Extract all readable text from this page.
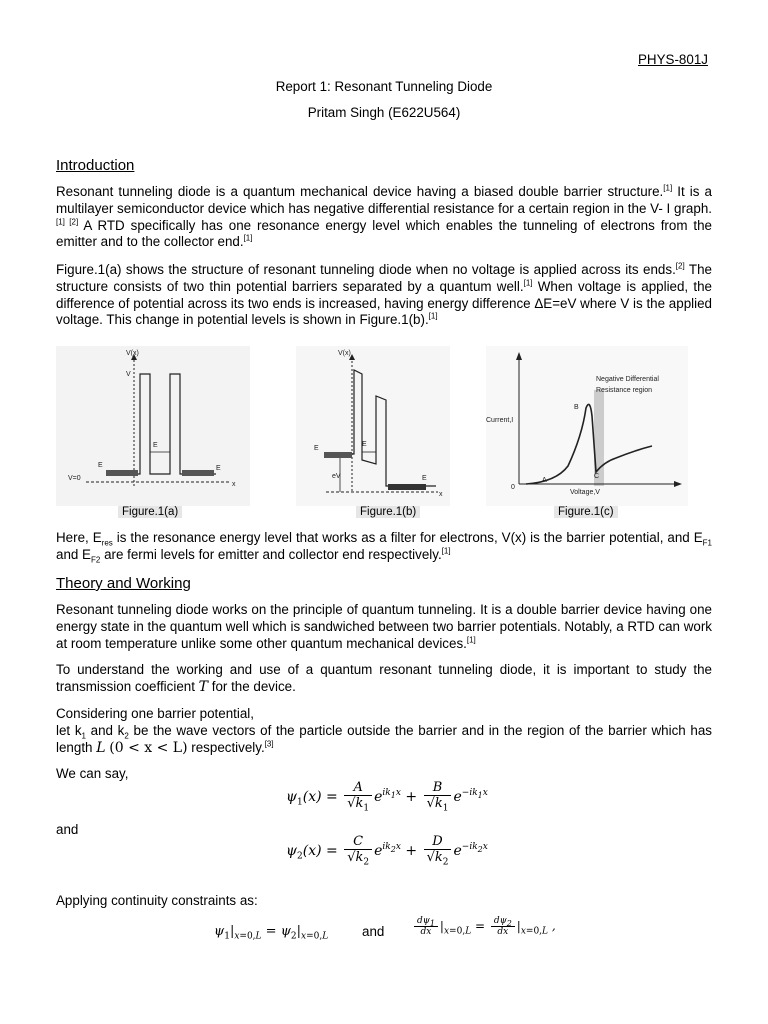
PHYS-801J
Report 1: Resonant Tunneling Diode
Pritam Singh (E622U564)
Introduction
Resonant tunneling diode is a quantum mechanical device having a biased double barrier structure.[1] It is a multilayer semiconductor device which has negative differential resistance for a certain region in the V- I graph.[1] [2] A RTD specifically has one resonance energy level which enables the tunneling of electrons from the emitter and to the collector end.[1]
Figure.1(a) shows the structure of resonant tunneling diode when no voltage is applied across its ends.[2] The structure consists of two thin potential barriers separated by a quantum well.[1] When voltage is applied, the difference of potential across its two ends is increased, having energy difference ΔE=eV where V is the applied voltage. This change in potential levels is shown in Figure.1(b).[1]
V(x)
V
E
E	E
V=0
x
Figure.1(a)
V(x)
E
E
E
eV
x
Figure.1(b)
Negative Differential
Resistance region
Current,I
Voltage,V
0
A
B
C
Figure.1(c)
Here, $E_{res}$ is the resonance energy level that works as a filter for electrons, V(x) is the barrier potential, and $E_{F1}$ and $E_{F2}$ are fermi levels for emitter and collector end respectively.[1]
Theory and Working
Resonant tunneling diode works on the principle of quantum tunneling. It is a double barrier device having one energy state in the quantum well which is sandwiched between two barrier potentials. Notably, a RTD can work at room temperature unlike some other quantum mechanical devices.[1]
To understand the working and use of a quantum resonant tunneling diode, it is important to study the transmission coefficient T for the device.
Considering one barrier potential,
let $k_1$ and $k_2$ be the wave vectors of the particle outside the barrier and in the region of the barrier which has length L (0 < x < L) respectively.[3]
We can say,
$\psi_1(x) = \frac{A}{√k_1} e^{ik_1x} + \frac{B}{√k_1} e^{-ik_1x}$
and
$\psi_2(x) = \frac{C}{√k_2} e^{ik_2x} + \frac{D}{√k_2} e^{-ik_2x}$
Applying continuity constraints as:
$\psi_1|_{x=0,L} = \psi_2|_{x=0,L}$	and	$\frac{d\psi_1}{dx} |_{x=0,L} = \frac{d\psi_2}{dx} |_{x=0,L}$ ,
